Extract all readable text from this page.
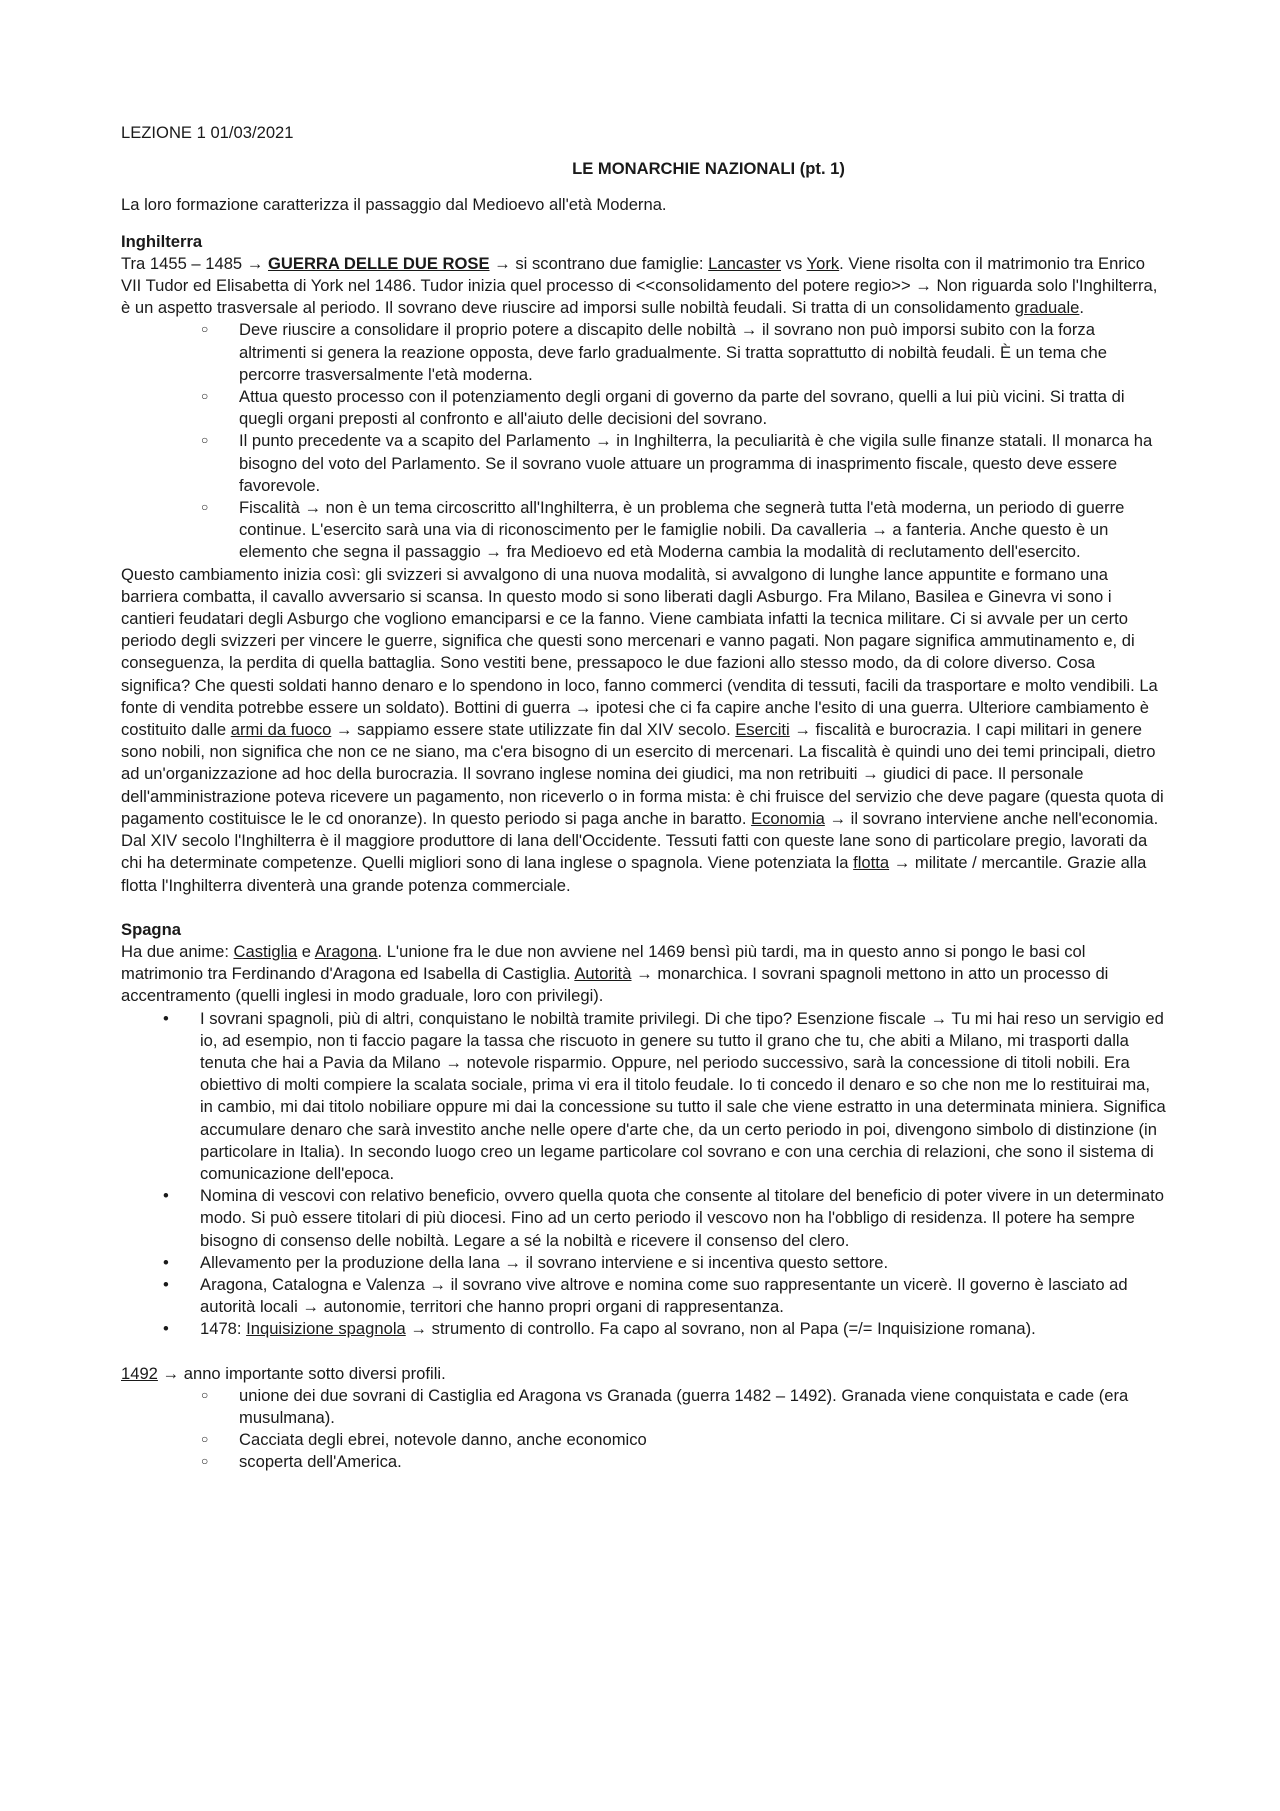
LEZIONE 1 01/03/2021

LE MONARCHIE NAZIONALI (pt. 1)

La loro formazione caratterizza il passaggio dal Medioevo all'età Moderna.

Inghilterra

Tra 1455 – 1485 → GUERRA DELLE DUE ROSE → si scontrano due famiglie: Lancaster vs York. Viene risolta con il matrimonio tra Enrico VII Tudor ed Elisabetta di York nel 1486. Tudor inizia quel processo di <<consolidamento del potere regio>> → Non riguarda solo l'Inghilterra, è un aspetto trasversale al periodo. Il sovrano deve riuscire ad imporsi sulle nobiltà feudali. Si tratta di un consolidamento graduale.

○ Deve riuscire a consolidare il proprio potere a discapito delle nobiltà → il sovrano non può imporsi subito con la forza altrimenti si genera la reazione opposta, deve farlo gradualmente. Si tratta soprattutto di nobiltà feudali. È un tema che percorre trasversalmente l'età moderna.
○ Attua questo processo con il potenziamento degli organi di governo da parte del sovrano, quelli a lui più vicini. Si tratta di quegli organi preposti al confronto e all'aiuto delle decisioni del sovrano.
○ Il punto precedente va a scapito del Parlamento → in Inghilterra, la peculiarità è che vigila sulle finanze statali. Il monarca ha bisogno del voto del Parlamento. Se il sovrano vuole attuare un programma di inasprimento fiscale, questo deve essere favorevole.
○ Fiscalità → non è un tema circoscritto all'Inghilterra, è un problema che segnerà tutta l'età moderna, un periodo di guerre continue. L'esercito sarà una via di riconoscimento per le famiglie nobili. Da cavalleria → a fanteria. Anche questo è un elemento che segna il passaggio → fra Medioevo ed età Moderna cambia la modalità di reclutamento dell'esercito.

Questo cambiamento inizia così: gli svizzeri si avvalgono di una nuova modalità, si avvalgono di lunghe lance appuntite e formano una barriera combatta, il cavallo avversario si scansa. In questo modo si sono liberati dagli Asburgo. Fra Milano, Basilea e Ginevra vi sono i cantieri feudatari degli Asburgo che vogliono emanciparsi e ce la fanno. Viene cambiata infatti la tecnica militare. Ci si avvale per un certo periodo degli svizzeri per vincere le guerre, significa che questi sono mercenari e vanno pagati. Non pagare significa ammutinamento e, di conseguenza, la perdita di quella battaglia. Sono vestiti bene, pressapoco le due fazioni allo stesso modo, da di colore diverso. Cosa significa? Che questi soldati hanno denaro e lo spendono in loco, fanno commerci (vendita di tessuti, facili da trasportare e molto vendibili. La fonte di vendita potrebbe essere un soldato). Bottini di guerra → ipotesi che ci fa capire anche l'esito di una guerra. Ulteriore cambiamento è costituito dalle armi da fuoco → sappiamo essere state utilizzate fin dal XIV secolo. Eserciti → fiscalità e burocrazia. I capi militari in genere sono nobili, non significa che non ce ne siano, ma c'era bisogno di un esercito di mercenari. La fiscalità è quindi uno dei temi principali, dietro ad un'organizzazione ad hoc della burocrazia. Il sovrano inglese nomina dei giudici, ma non retribuiti → giudici di pace. Il personale dell'amministrazione poteva ricevere un pagamento, non riceverlo o in forma mista: è chi fruisce del servizio che deve pagare (questa quota di pagamento costituisce le le cd onoranze). In questo periodo si paga anche in baratto. Economia → il sovrano interviene anche nell'economia. Dal XIV secolo l'Inghilterra è il maggiore produttore di lana dell'Occidente. Tessuti fatti con queste lane sono di particolare pregio, lavorati da chi ha determinate competenze. Quelli migliori sono di lana inglese o spagnola. Viene potenziata la flotta → militate / mercantile. Grazie alla flotta l'Inghilterra diventerà una grande potenza commerciale.

Spagna

Ha due anime: Castiglia e Aragona. L'unione fra le due non avviene nel 1469 bensì più tardi, ma in questo anno si pongo le basi col matrimonio tra Ferdinando d'Aragona ed Isabella di Castiglia. Autorità → monarchica. I sovrani spagnoli mettono in atto un processo di accentramento (quelli inglesi in modo graduale, loro con privilegi).

• I sovrani spagnoli, più di altri, conquistano le nobiltà tramite privilegi. Di che tipo? Esenzione fiscale → Tu mi hai reso un servigio ed io, ad esempio, non ti faccio pagare la tassa che riscuoto in genere su tutto il grano che tu, che abiti a Milano, mi trasporti dalla tenuta che hai a Pavia da Milano → notevole risparmio. Oppure, nel periodo successivo, sarà la concessione di titoli nobili. Era obiettivo di molti compiere la scalata sociale, prima vi era il titolo feudale. Io ti concedo il denaro e so che non me lo restituirai ma, in cambio, mi dai titolo nobiliare oppure mi dai la concessione su tutto il sale che viene estratto in una determinata miniera. Significa accumulare denaro che sarà investito anche nelle opere d'arte che, da un certo periodo in poi, divengono simbolo di distinzione (in particolare in Italia). In secondo luogo creo un legame particolare col sovrano e con una cerchia di relazioni, che sono il sistema di comunicazione dell'epoca.
• Nomina di vescovi con relativo beneficio, ovvero quella quota che consente al titolare del beneficio di poter vivere in un determinato modo. Si può essere titolari di più diocesi. Fino ad un certo periodo il vescovo non ha l'obbligo di residenza. Il potere ha sempre bisogno di consenso delle nobiltà. Legare a sé la nobiltà e ricevere il consenso del clero.
• Allevamento per la produzione della lana → il sovrano interviene e si incentiva questo settore.
• Aragona, Catalogna e Valenza → il sovrano vive altrove e nomina come suo rappresentante un vicerè. Il governo è lasciato ad autorità locali → autonomie, territori che hanno propri organi di rappresentanza.
• 1478: Inquisizione spagnola → strumento di controllo. Fa capo al sovrano, non al Papa (=/= Inquisizione romana).

1492 → anno importante sotto diversi profili.

○ unione dei due sovrani di Castiglia ed Aragona vs Granada (guerra 1482 – 1492). Granada viene conquistata e cade (era musulmana).
○ Cacciata degli ebrei, notevole danno, anche economico
○ scoperta dell'America.
